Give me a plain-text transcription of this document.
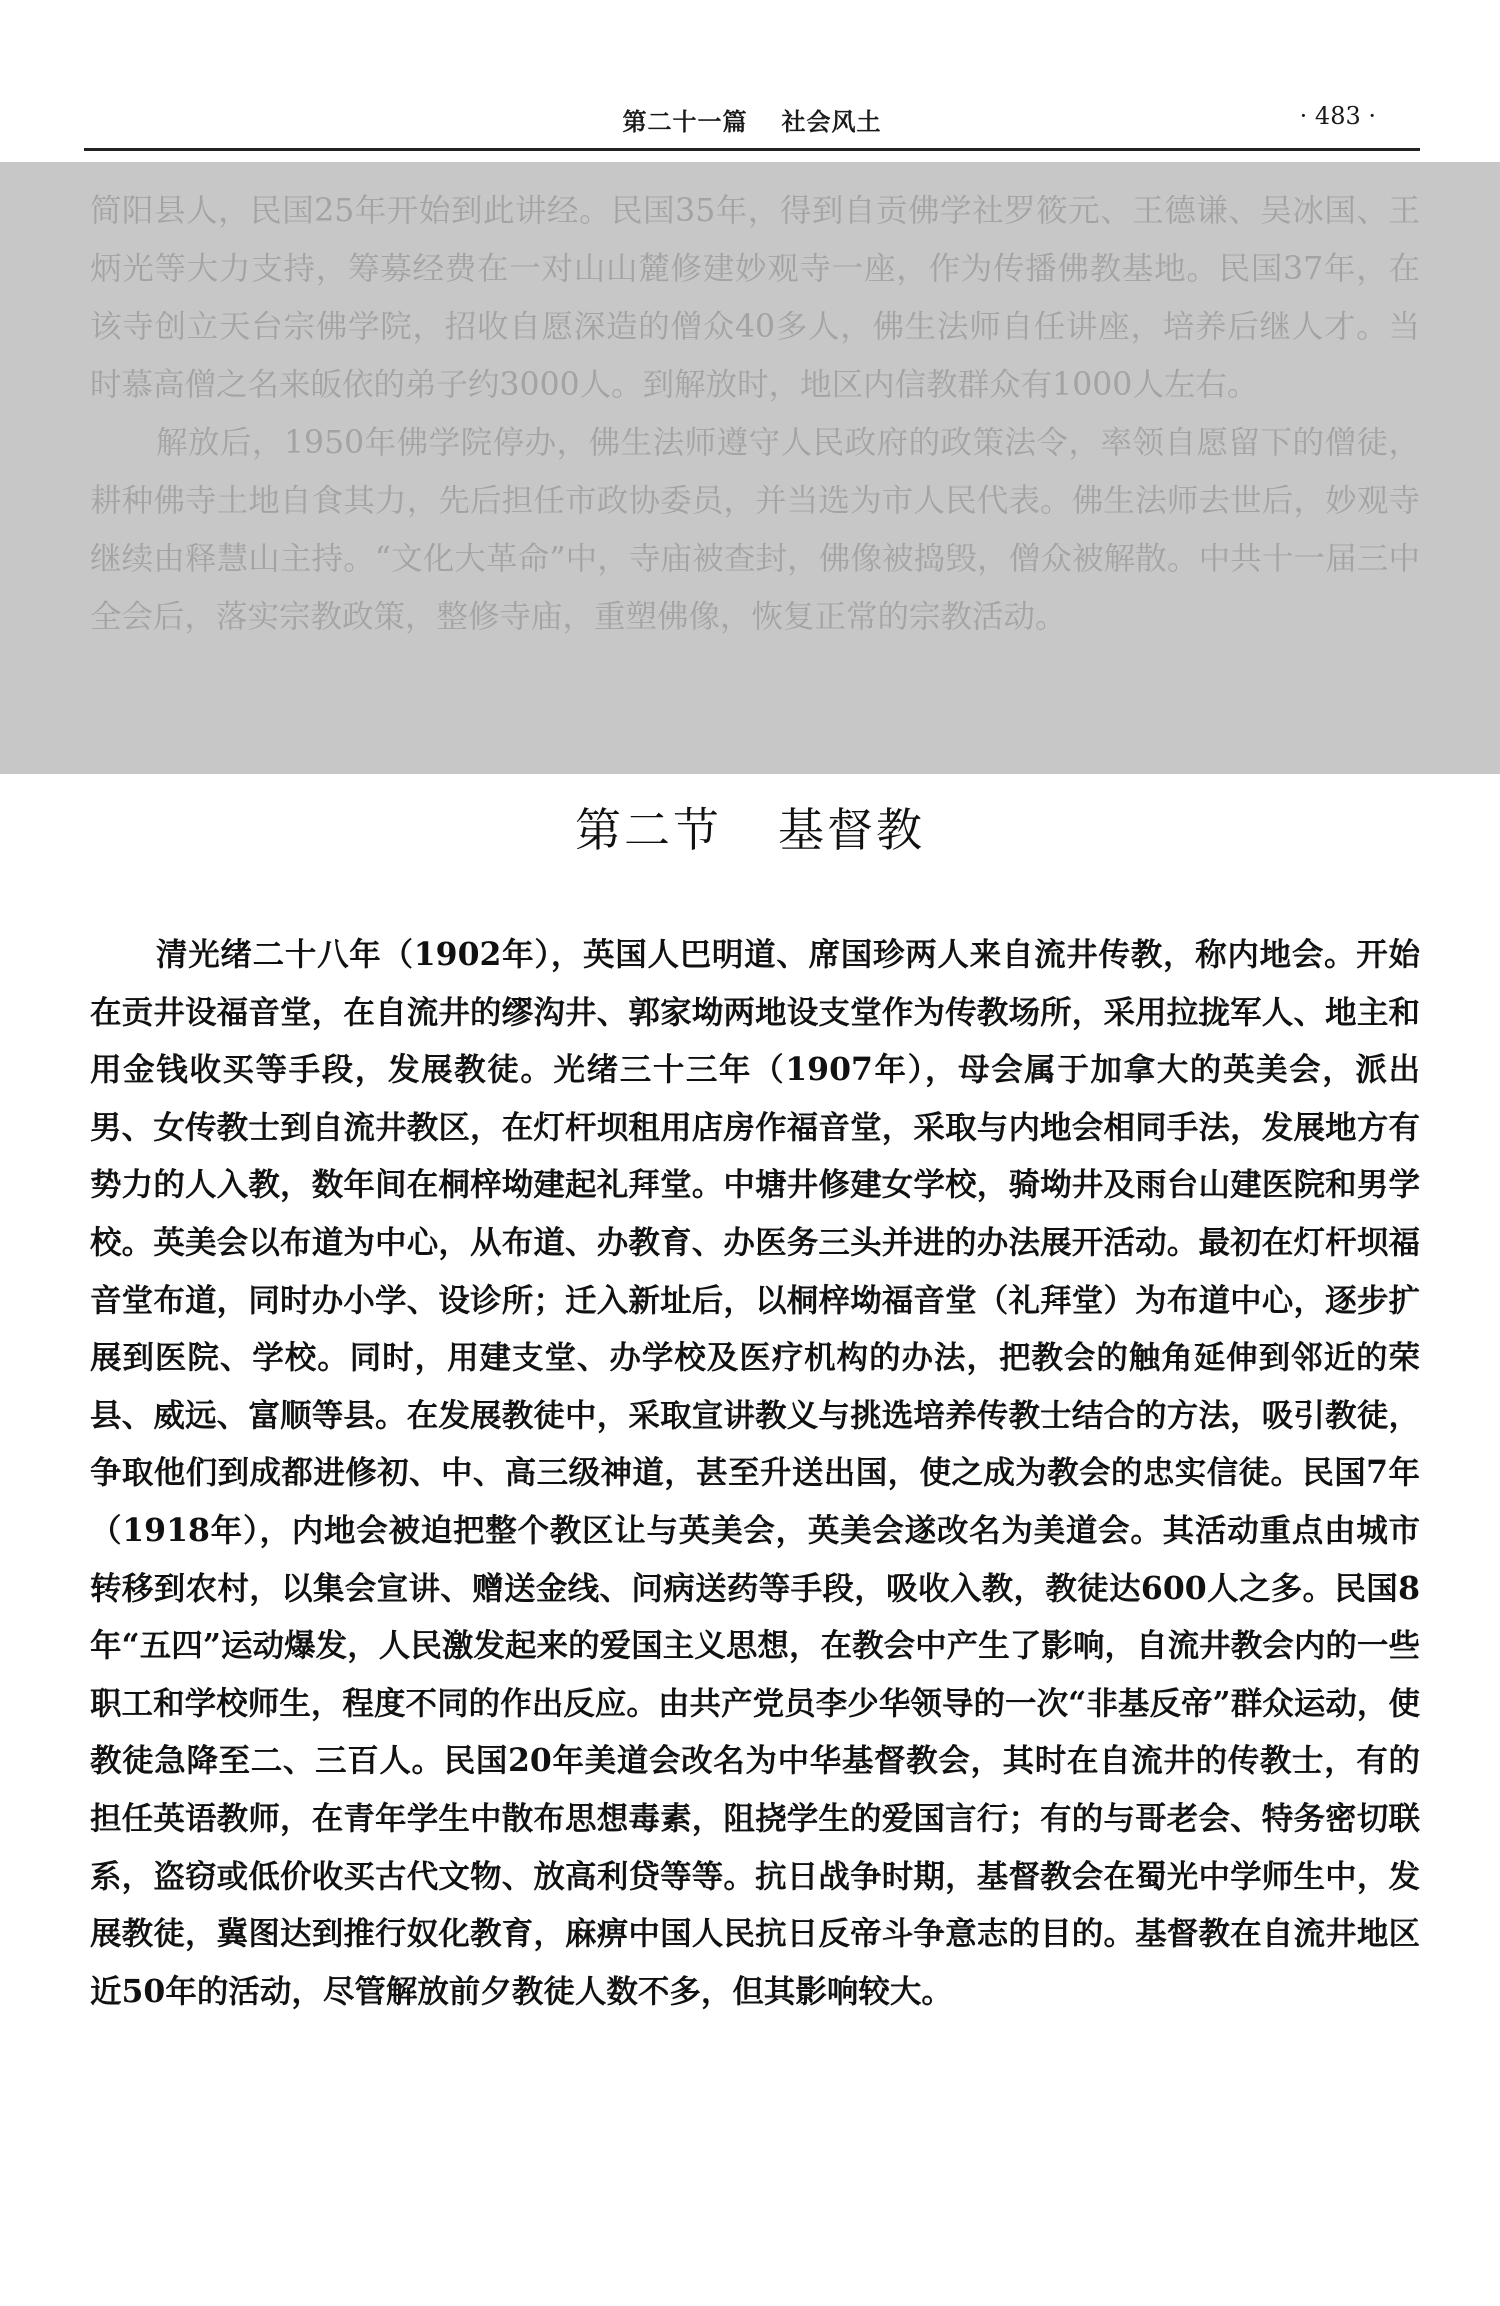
第二十一篇 社会风土	· 483 ·

简阳县人，民国25年开始到此讲经。民国35年，得到自贡佛学社罗筱元、王德谦、吴冰国、王炳光等大力支持，筹募经费在一对山山麓修建妙观寺一座，作为传播佛教基地。民国37年，在该寺创立天台宗佛学院，招收自愿深造的僧众40多人，佛生法师自任讲座，培养后继人才。当时慕高僧之名来皈依的弟子约3000人。到解放时，地区内信教群众有1000人左右。

解放后，1950年佛学院停办，佛生法师遵守人民政府的政策法令，率领自愿留下的僧徒，耕种佛寺土地自食其力，先后担任市政协委员，并当选为市人民代表。佛生法师去世后，妙观寺继续由释慧山主持。“文化大革命”中，寺庙被查封，佛像被捣毁，僧众被解散。中共十一届三中全会后，落实宗教政策，整修寺庙，重塑佛像，恢复正常的宗教活动。

第二节 基督教

清光绪二十八年（1902年），英国人巴明道、席国珍两人来自流井传教，称内地会。开始在贡井设福音堂，在自流井的缪沟井、郭家坳两地设支堂作为传教场所，采用拉拢军人、地主和用金钱收买等手段，发展教徒。光绪三十三年（1907年），母会属于加拿大的英美会，派出男、女传教士到自流井教区，在灯杆坝租用店房作福音堂，采取与内地会相同手法，发展地方有势力的人入教，数年间在桐梓坳建起礼拜堂。中塘井修建女学校，骑坳井及雨台山建医院和男学校。英美会以布道为中心，从布道、办教育、办医务三头并进的办法展开活动。最初在灯杆坝福音堂布道，同时办小学、设诊所；迁入新址后，以桐梓坳福音堂（礼拜堂）为布道中心，逐步扩展到医院、学校。同时，用建支堂、办学校及医疗机构的办法，把教会的触角延伸到邻近的荣县、威远、富顺等县。在发展教徒中，采取宣讲教义与挑选培养传教士结合的方法，吸引教徒，争取他们到成都进修初、中、高三级神道，甚至升送出国，使之成为教会的忠实信徒。民国7年（1918年），内地会被迫把整个教区让与英美会，英美会遂改名为美道会。其活动重点由城市转移到农村，以集会宣讲、赠送金线、问病送药等手段，吸收入教，教徒达600人之多。民国8年“五四”运动爆发，人民激发起来的爱国主义思想，在教会中产生了影响，自流井教会内的一些职工和学校师生，程度不同的作出反应。由共产党员李少华领导的一次“非基反帝”群众运动，使教徒急降至二、三百人。民国20年美道会改名为中华基督教会，其时在自流井的传教士，有的担任英语教师，在青年学生中散布思想毒素，阻挠学生的爱国言行；有的与哥老会、特务密切联系，盗窃或低价收买古代文物、放高利贷等等。抗日战争时期，基督教会在蜀光中学师生中，发展教徒，冀图达到推行奴化教育，麻痹中国人民抗日反帝斗争意志的目的。基督教在自流井地区近50年的活动，尽管解放前夕教徒人数不多，但其影响较大。
